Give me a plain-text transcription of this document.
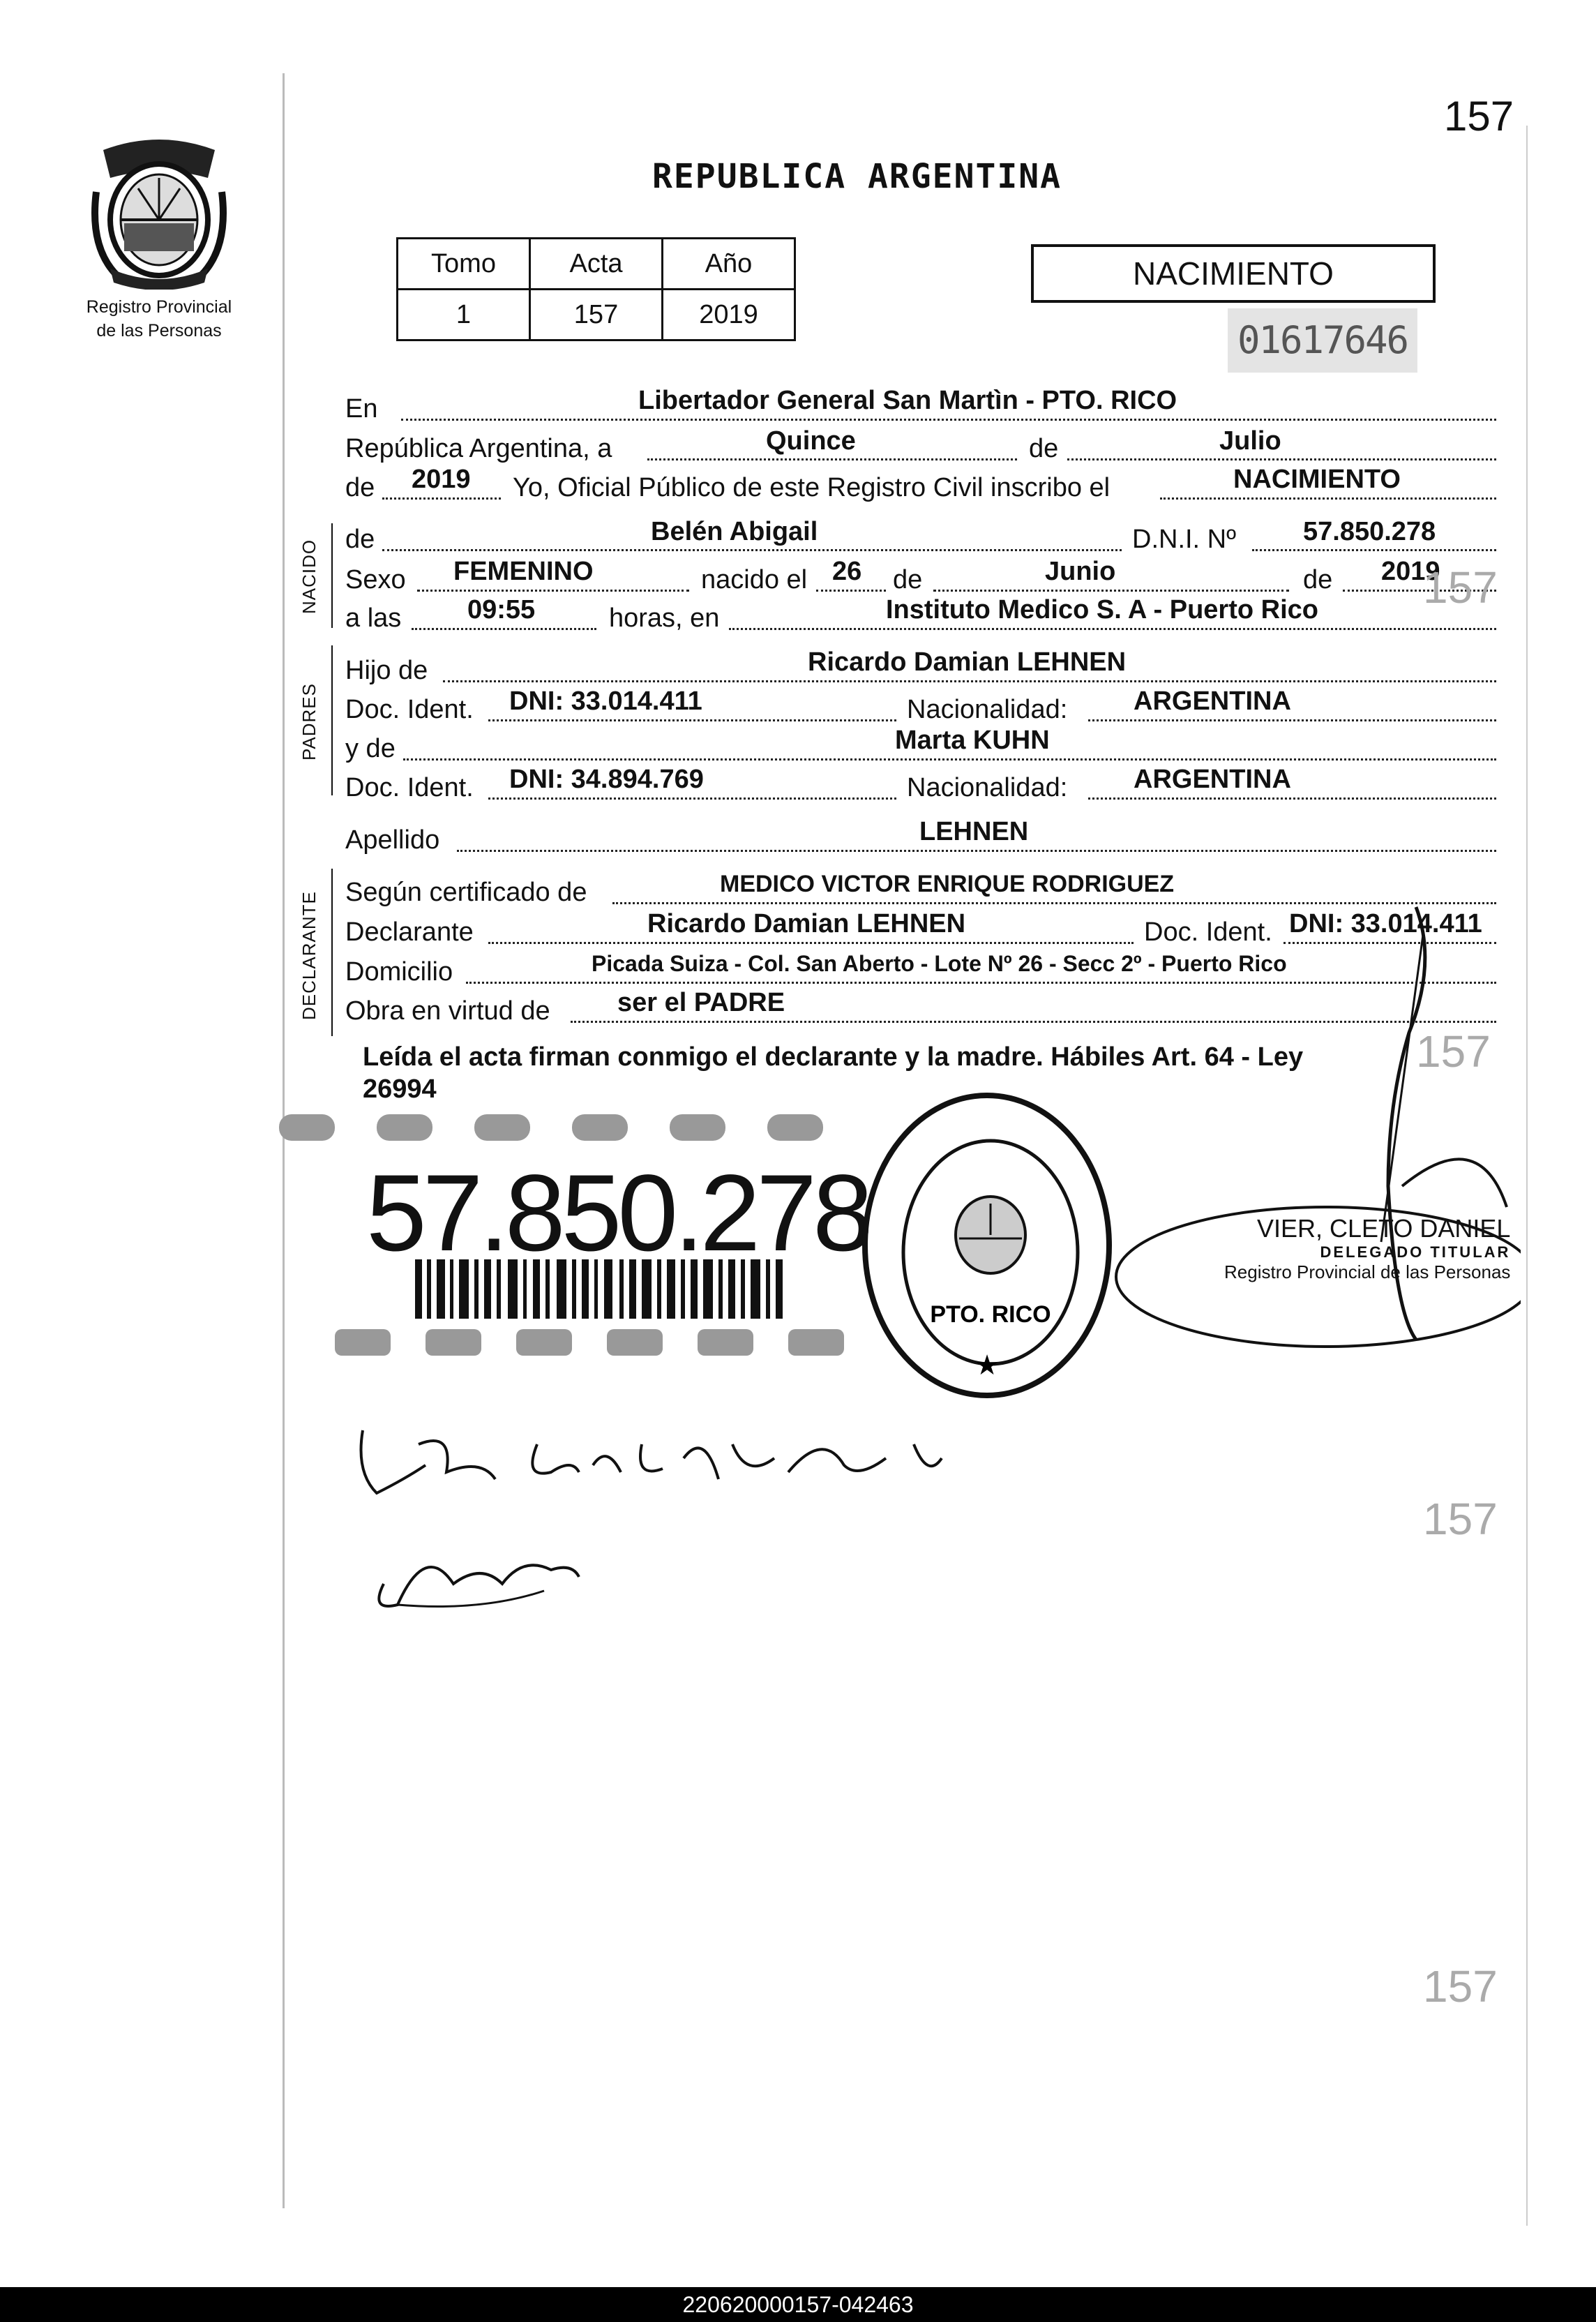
Registro Provincial
de las Personas
157
REPUBLICA ARGENTINA
Tomo	Acta	Año
1	157	2019
NACIMIENTO
01617646
En	Libertador General San Martìn - PTO. RICO
República Argentina, a	Quince	de	Julio
de 2019 Yo, Oficial Público de este Registro Civil inscribo el	NACIMIENTO
NACIDO de	Belén Abigail	D.N.I. Nº	57.850.278
Sexo FEMENINO	nacido el 26 de	Junio	de 2019
a las 09:55	horas, en	Instituto Medico S. A - Puerto Rico
PADRES
Hijo de	Ricardo Damian LEHNEN
Doc. Ident. DNI: 33.014.411	Nacionalidad: ARGENTINA
y de	Marta KUHN
Doc. Ident. DNI: 34.894.769	Nacionalidad: ARGENTINA
Apellido	LEHNEN
DECLARANTE Según certificado de	MEDICO VICTOR ENRIQUE RODRIGUEZ
Declarante	Ricardo Damian LEHNEN	Doc. Ident. DNI: 33.014.411
Domicilio	Picada Suiza - Col. San Aberto - Lote Nº 26 - Secc 2º - Puerto Rico
Obra en virtud de	ser el PADRE
Leída el acta firman conmigo el declarante y la madre. Hábiles Art. 64 - Ley
26994
157
157
157
157
57.850.278
PTO. RICO
★
VIER, CLETO DANIEL
DELEGADO TITULAR
Registro Provincial de las Personas
220620000157-042463
